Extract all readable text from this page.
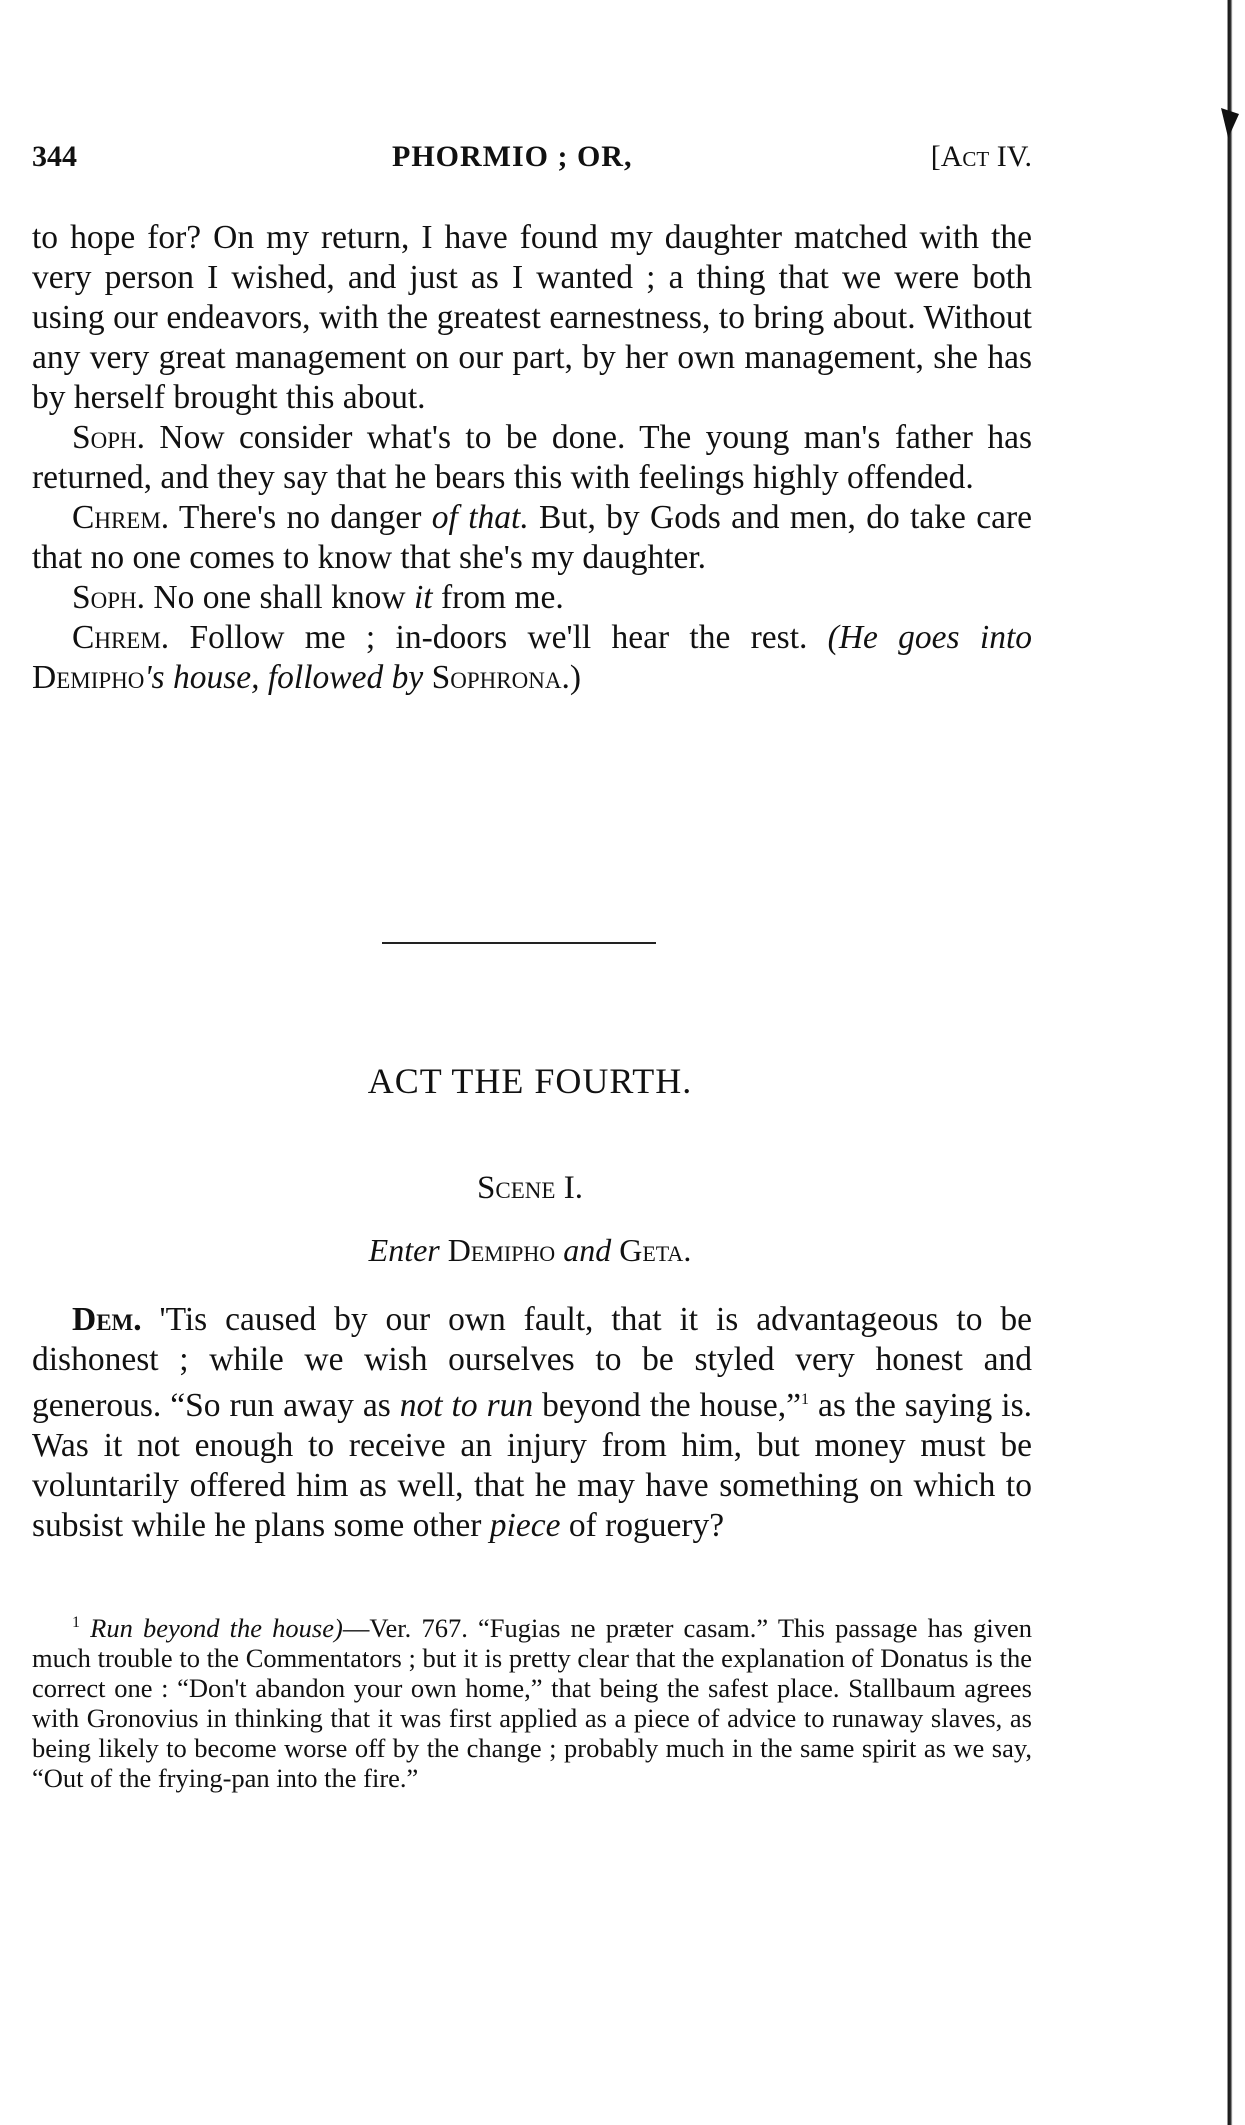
344	PHORMIO ; OR,	[Act IV.

to hope for? On my return, I have found my daughter matched with the very person I wished, and just as I wanted ; a thing that we were both using our endeavors, with the greatest earnestness, to bring about. Without any very great management on our part, by her own management, she has by herself brought this about.

Soph. Now consider what's to be done. The young man's father has returned, and they say that he bears this with feelings highly offended.

Chrem. There's no danger of that. But, by Gods and men, do take care that no one comes to know that she's my daughter.

Soph. No one shall know it from me.

Chrem. Follow me ; in-doors we'll hear the rest. (He goes into Demipho's house, followed by Sophrona.)

ACT THE FOURTH.
Scene I.
Enter Demipho and Geta.

Dem. 'Tis caused by our own fault, that it is advantageous to be dishonest ; while we wish ourselves to be styled very honest and generous. “So run away as not to run beyond the house,”$^1$ as the saying is. Was it not enough to receive an injury from him, but money must be voluntarily offered him as well, that he may have something on which to subsist while he plans some other piece of roguery?

$^1$ Run beyond the house)—Ver. 767. “Fugias ne præter casam.” This passage has given much trouble to the Commentators ; but it is pretty clear that the explanation of Donatus is the correct one : “Don't abandon your own home,” that being the safest place. Stallbaum agrees with Gronovius in thinking that it was first applied as a piece of advice to runaway slaves, as being likely to become worse off by the change ; probably much in the same spirit as we say, “Out of the frying-pan into the fire.”
